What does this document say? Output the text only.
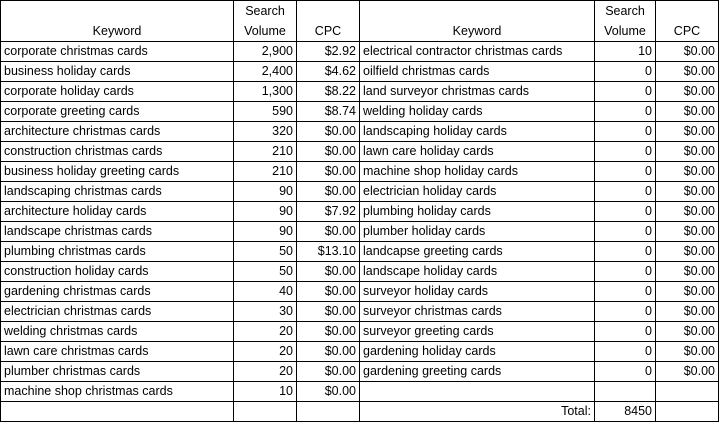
	Search			Search	
Keyword	Volume	CPC	Keyword	Volume	CPC
corporate christmas cards	2,900	$2.92	electrical contractor christmas cards	10	$0.00
business holiday cards	2,400	$4.62	oilfield christmas cards	0	$0.00
corporate holiday cards	1,300	$8.22	land surveyor christmas cards	0	$0.00
corporate greeting cards	590	$8.74	welding holiday cards	0	$0.00
architecture christmas cards	320	$0.00	landscaping holiday cards	0	$0.00
construction christmas cards	210	$0.00	lawn care holiday cards	0	$0.00
business holiday greeting cards	210	$0.00	machine shop holiday cards	0	$0.00
landscaping christmas cards	90	$0.00	electrician holiday cards	0	$0.00
architecture holiday cards	90	$7.92	plumbing holiday cards	0	$0.00
landscape christmas cards	90	$0.00	plumber holiday cards	0	$0.00
plumbing christmas cards	50	$13.10	landcapse greeting cards	0	$0.00
construction holiday cards	50	$0.00	landscape holiday cards	0	$0.00
gardening christmas cards	40	$0.00	surveyor holiday cards	0	$0.00
electrician christmas cards	30	$0.00	surveyor christmas cards	0	$0.00
welding christmas cards	20	$0.00	surveyor greeting cards	0	$0.00
lawn care christmas cards	20	$0.00	gardening holiday cards	0	$0.00
plumber christmas cards	20	$0.00	gardening greeting cards	0	$0.00
machine shop christmas cards	10	$0.00			
			Total:	8450	
